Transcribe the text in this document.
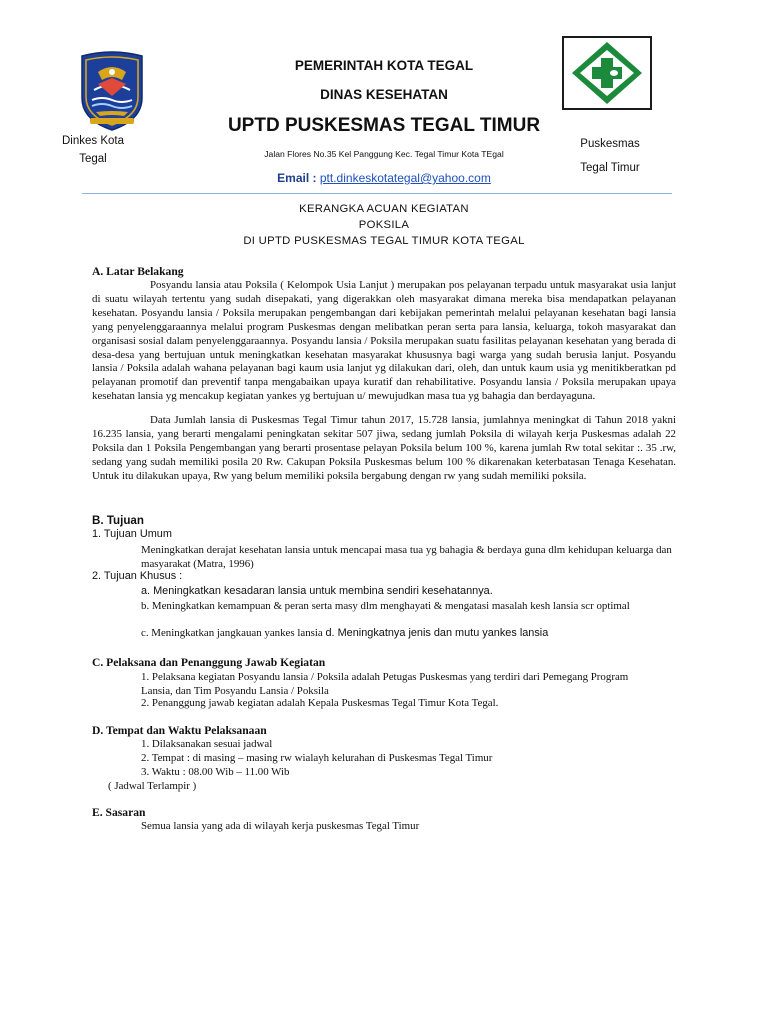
Dinkes Kota
Tegal
Puskesmas
Tegal Timur
PEMERINTAH KOTA TEGAL
DINAS KESEHATAN
UPTD PUSKESMAS TEGAL TIMUR
Jalan Flores No.35 Kel Panggung Kec. Tegal Timur Kota TEgal
Email : ptt.dinkeskotategal@yahoo.com
KERANGKA ACUAN KEGIATAN
POKSILA
DI UPTD PUSKESMAS TEGAL TIMUR KOTA TEGAL
A. Latar Belakang
Posyandu lansia atau Poksila ( Kelompok Usia Lanjut ) merupakan pos pelayanan terpadu untuk masyarakat usia lanjut di suatu wilayah tertentu yang sudah disepakati, yang digerakkan oleh masyarakat dimana mereka bisa mendapatkan pelayanan kesehatan. Posyandu lansia / Poksila merupakan pengembangan dari kebijakan pemerintah melalui pelayanan kesehatan bagi lansia yang penyelenggaraannya melalui program Puskesmas dengan melibatkan peran serta para lansia, keluarga, tokoh masyarakat dan organisasi sosial dalam penyelenggaraannya. Posyandu lansia / Poksila merupakan suatu fasilitas pelayanan kesehatan yang berada di desa-desa yang bertujuan untuk meningkatkan kesehatan masyarakat khususnya bagi warga yang sudah berusia lanjut. Posyandu lansia / Poksila adalah wahana pelayanan bagi kaum usia lanjut yg dilakukan dari, oleh, dan untuk kaum usia yg menitikberatkan pd pelayanan promotif dan preventif tanpa mengabaikan upaya kuratif dan rehabilitative. Posyandu lansia / Poksila merupakan upaya kesehatan lansia yg mencakup kegiatan yankes yg bertujuan u/ mewujudkan masa tua yg bahagia dan berdayaguna.
Data Jumlah lansia di Puskesmas Tegal Timur tahun 2017, 15.728 lansia, jumlahnya meningkat di Tahun 2018 yakni 16.235 lansia, yang berarti mengalami peningkatan sekitar 507 jiwa, sedang jumlah Poksila di wilayah kerja Puskesmas adalah 22 Poksila dan 1 Poksila Pengembangan yang berarti prosentase pelayan Poksila belum 100 %, karena jumlah Rw total sekitar :. 35 .rw, sedang yang sudah memiliki posila 20 Rw. Cakupan Poksila Puskesmas belum 100 % dikarenakan keterbatasan Tenaga Kesehatan. Untuk itu dilakukan upaya, Rw yang belum memiliki poksila bergabung dengan rw yang sudah memiliki poksila.
B. Tujuan
1. Tujuan Umum
Meningkatkan derajat kesehatan lansia untuk mencapai masa tua yg bahagia & berdaya guna dlm kehidupan keluarga dan masyarakat (Matra, 1996)
2. Tujuan Khusus :
a. Meningkatkan kesadaran lansia untuk membina sendiri kesehatannya.
b. Meningkatkan kemampuan & peran serta masy dlm menghayati & mengatasi masalah kesh lansia scr optimal
c. Meningkatkan jangkauan yankes lansia d. Meningkatnya jenis dan mutu yankes lansia
C. Pelaksana dan Penanggung Jawab Kegiatan
1. Pelaksana kegiatan Posyandu lansia / Poksila adalah Petugas Puskesmas yang terdiri dari Pemegang Program Lansia, dan Tim Posyandu Lansia / Poksila
2. Penanggung jawab kegiatan adalah Kepala Puskesmas Tegal Timur Kota Tegal.
D. Tempat dan Waktu Pelaksanaan
1. Dilaksanakan sesuai jadwal
2. Tempat : di masing – masing rw wialayh kelurahan di Puskesmas Tegal Timur
3. Waktu : 08.00 Wib – 11.00 Wib
( Jadwal Terlampir )
E. Sasaran
Semua lansia yang ada di wilayah kerja puskesmas Tegal Timur
